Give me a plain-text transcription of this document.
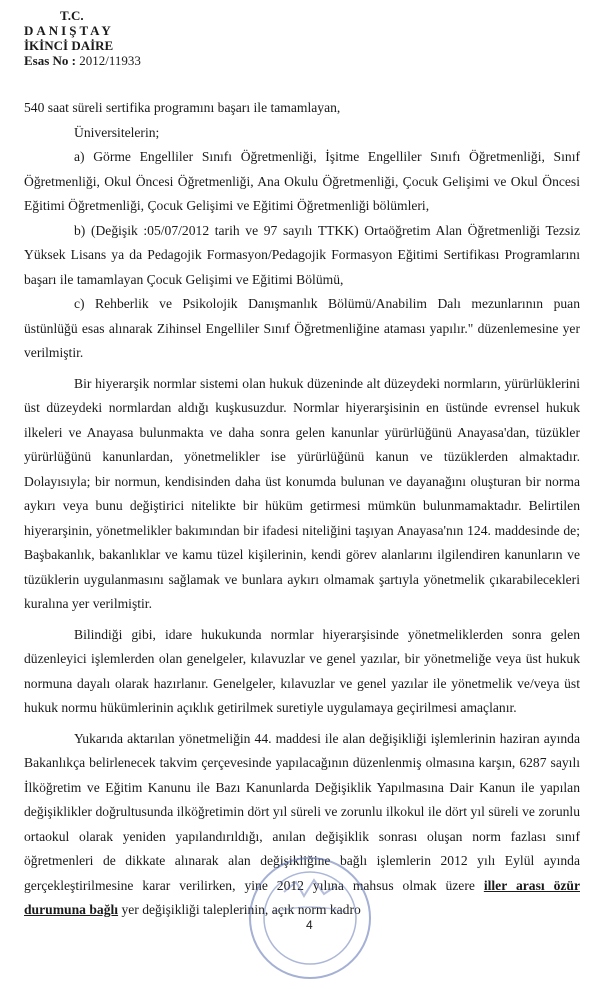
T.C.
DANIŞTAY
İKİNCİ DAİRE
Esas No : 2012/11933

540 saat süreli sertifika programını başarı ile tamamlayan,

Üniversitelerin;

a) Görme Engelliler Sınıfı Öğretmenliği, İşitme Engelliler Sınıfı Öğretmenliği, Sınıf Öğretmenliği, Okul Öncesi Öğretmenliği, Ana Okulu Öğretmenliği, Çocuk Gelişimi ve Okul Öncesi Eğitimi Öğretmenliği, Çocuk Gelişimi ve Eğitimi Öğretmenliği bölümleri,

b) (Değişik :05/07/2012 tarih ve 97 sayılı TTKK) Ortaöğretim Alan Öğretmenliği Tezsiz Yüksek Lisans ya da Pedagojik Formasyon/Pedagojik Formasyon Eğitimi Sertifikası Programlarını başarı ile tamamlayan Çocuk Gelişimi ve Eğitimi Bölümü,

c) Rehberlik ve Psikolojik Danışmanlık Bölümü/Anabilim Dalı mezunlarının puan üstünlüğü esas alınarak Zihinsel Engelliler Sınıf Öğretmenliğine ataması yapılır." düzenlemesine yer verilmiştir.

Bir hiyerarşik normlar sistemi olan hukuk düzeninde alt düzeydeki normların, yürürlüklerini üst düzeydeki normlardan aldığı kuşkusuzdur. Normlar hiyerarşisinin en üstünde evrensel hukuk ilkeleri ve Anayasa bulunmakta ve daha sonra gelen kanunlar yürürlüğünü Anayasa'dan, tüzükler yürürlüğünü kanunlardan, yönetmelikler ise yürürlüğünü kanun ve tüzüklerden almaktadır. Dolayısıyla; bir normun, kendisinden daha üst konumda bulunan ve dayanağını oluşturan bir norma aykırı veya bunu değiştirici nitelikte bir hüküm getirmesi mümkün bulunmamaktadır. Belirtilen hiyerarşinin, yönetmelikler bakımından bir ifadesi niteliğini taşıyan Anayasa'nın 124. maddesinde de; Başbakanlık, bakanlıklar ve kamu tüzel kişilerinin, kendi görev alanlarını ilgilendiren kanunların ve tüzüklerin uygulanmasını sağlamak ve bunlara aykırı olmamak şartıyla yönetmelik çıkarabilecekleri kuralına yer verilmiştir.

Bilindiği gibi, idare hukukunda normlar hiyerarşisinde yönetmeliklerden sonra gelen düzenleyici işlemlerden olan genelgeler, kılavuzlar ve genel yazılar, bir yönetmeliğe veya üst hukuk normuna dayalı olarak hazırlanır. Genelgeler, kılavuzlar ve genel yazılar ile yönetmelik ve/veya üst hukuk normu hükümlerinin açıklık getirilmek suretiyle uygulamaya geçirilmesi amaçlanır.

Yukarıda aktarılan yönetmeliğin 44. maddesi ile alan değişikliği işlemlerinin haziran ayında Bakanlıkça belirlenecek takvim çerçevesinde yapılacağının düzenlenmiş olmasına karşın, 6287 sayılı İlköğretim ve Eğitim Kanunu ile Bazı Kanunlarda Değişiklik Yapılmasına Dair Kanun ile yapılan değişiklikler doğrultusunda ilköğretimin dört yıl süreli ve zorunlu ilkokul ile dört yıl süreli ve zorunlu ortaokul olarak yeniden yapılandırıldığı, anılan değişiklik sonrası oluşan norm fazlası sınıf öğretmenleri de dikkate alınarak alan değişikliğine bağlı işlemlerin 2012 yılı Eylül ayında gerçekleştirilmesine karar verilirken, yine 2012 yılına mahsus olmak üzere iller arası özür durumuna bağlı yer değişikliği taleplerinin, açık norm kadro

4
